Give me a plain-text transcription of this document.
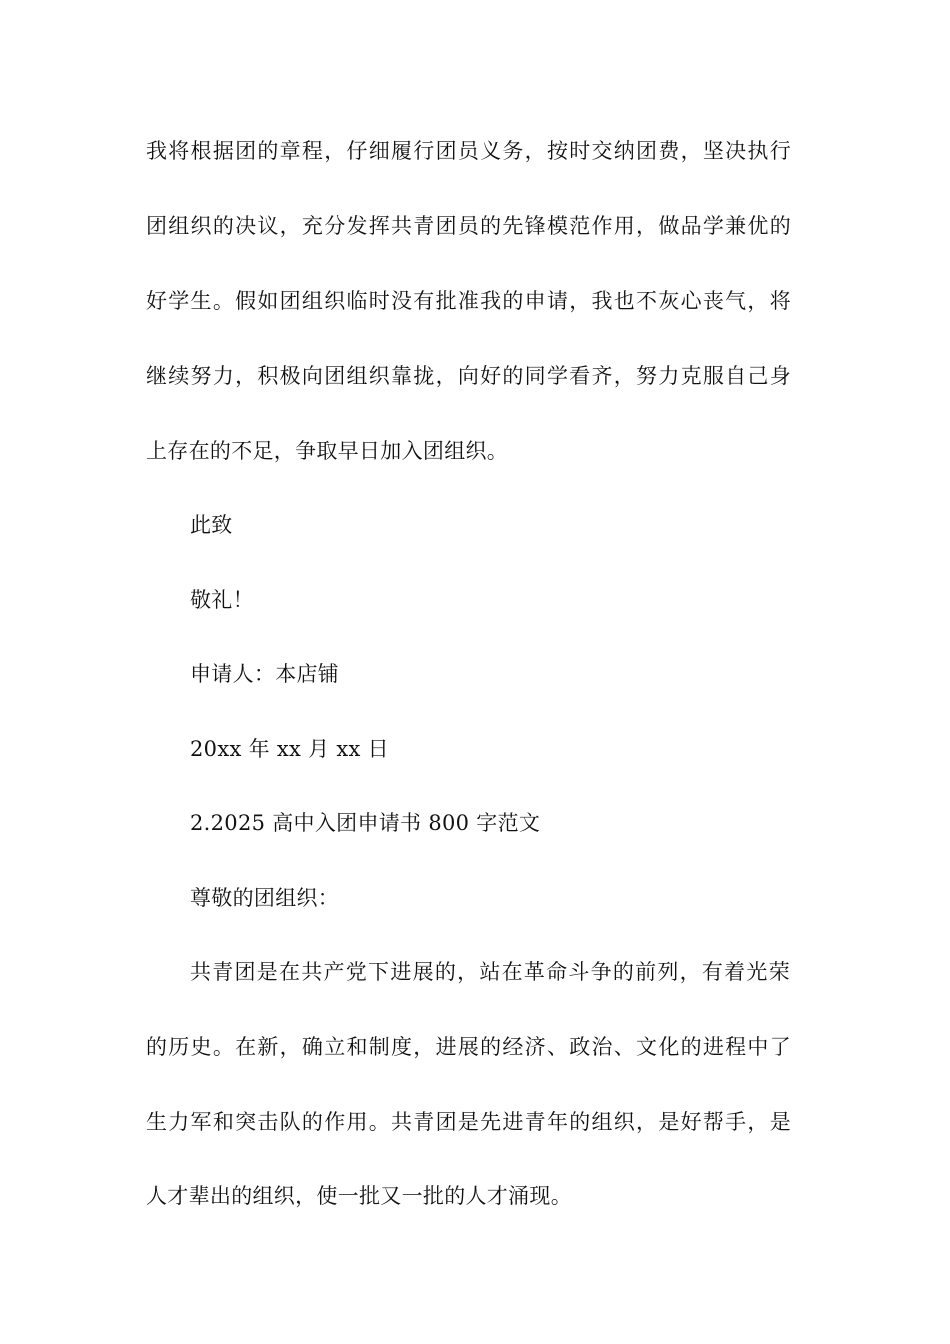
我将根据团的章程，仔细履行团员义务，按时交纳团费，坚决执行
团组织的决议，充分发挥共青团员的先锋模范作用，做品学兼优的
好学生。假如团组织临时没有批准我的申请，我也不灰心丧气，将
继续努力，积极向团组织靠拢，向好的同学看齐，努力克服自己身
上存在的不足，争取早日加入团组织。
此致
敬礼！
申请人：本店铺
20xx 年 xx 月 xx 日
2.2025 高中入团申请书 800 字范文
尊敬的团组织：
共青团是在共产党下进展的，站在革命斗争的前列，有着光荣
的历史。在新，确立和制度，进展的经济、政治、文化的进程中了
生力军和突击队的作用。共青团是先进青年的组织，是好帮手，是
人才辈出的组织，使一批又一批的人才涌现。
